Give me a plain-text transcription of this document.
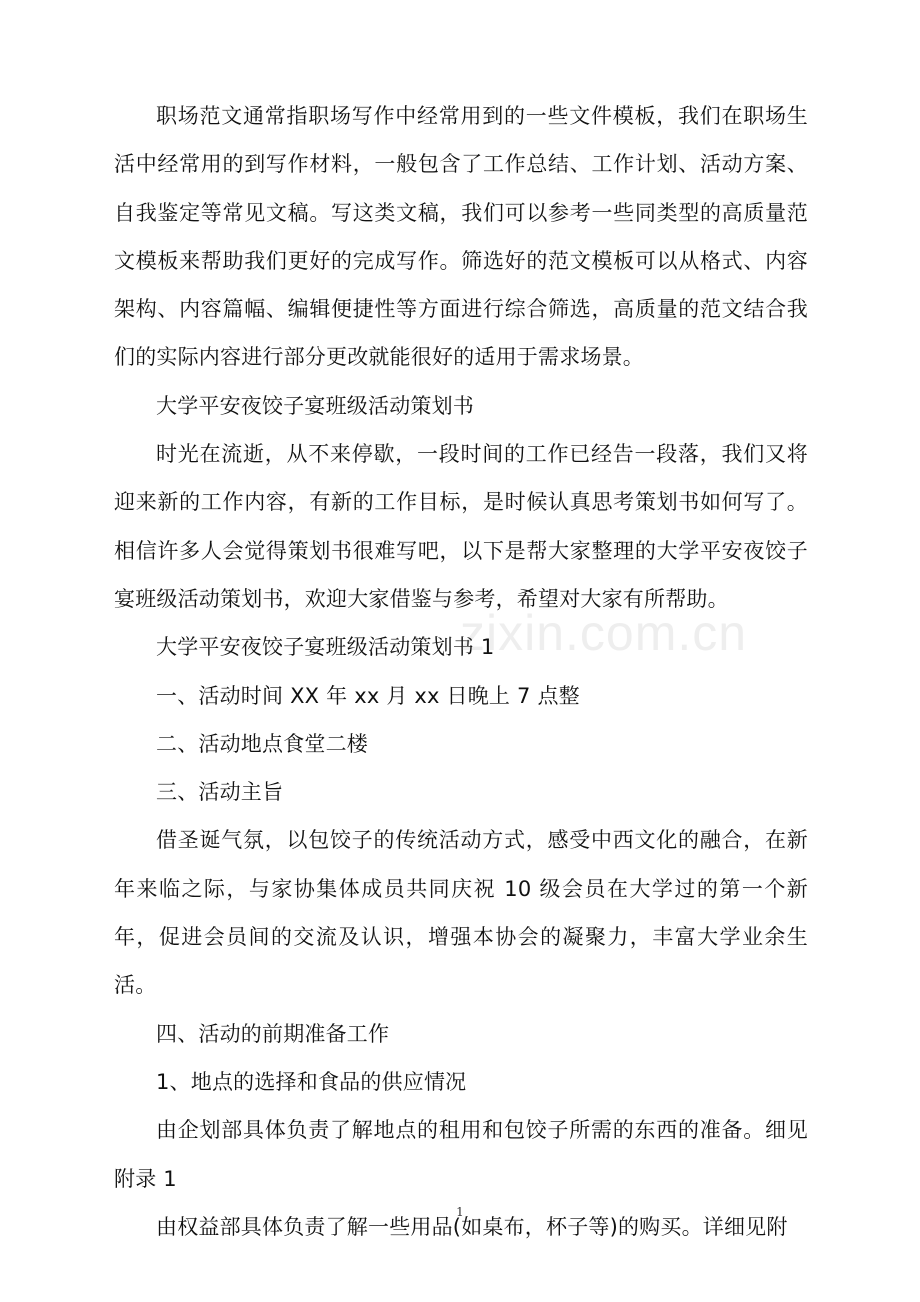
职场范文通常指职场写作中经常用到的一些文件模板，我们在职场生活中经常用的到写作材料，一般包含了工作总结、工作计划、活动方案、自我鉴定等常见文稿。写这类文稿，我们可以参考一些同类型的高质量范文模板来帮助我们更好的完成写作。筛选好的范文模板可以从格式、内容架构、内容篇幅、编辑便捷性等方面进行综合筛选，高质量的范文结合我们的实际内容进行部分更改就能很好的适用于需求场景。

大学平安夜饺子宴班级活动策划书

时光在流逝，从不来停歇，一段时间的工作已经告一段落，我们又将迎来新的工作内容，有新的工作目标，是时候认真思考策划书如何写了。相信许多人会觉得策划书很难写吧，以下是帮大家整理的大学平安夜饺子宴班级活动策划书，欢迎大家借鉴与参考，希望对大家有所帮助。

大学平安夜饺子宴班级活动策划书 1

一、活动时间 XX 年 xx 月 xx 日晚上 7 点整

二、活动地点食堂二楼

三、活动主旨

借圣诞气氛，以包饺子的传统活动方式，感受中西文化的融合，在新年来临之际，与家协集体成员共同庆祝 10 级会员在大学过的第一个新年，促进会员间的交流及认识，增强本协会的凝聚力，丰富大学业余生活。

四、活动的前期准备工作

1、地点的选择和食品的供应情况

由企划部具体负责了解地点的租用和包饺子所需的东西的准备。细见附录 1

由权益部具体负责了解一些用品(如桌布，杯子等)的购买。详细见附

zixin.com.cn
1
